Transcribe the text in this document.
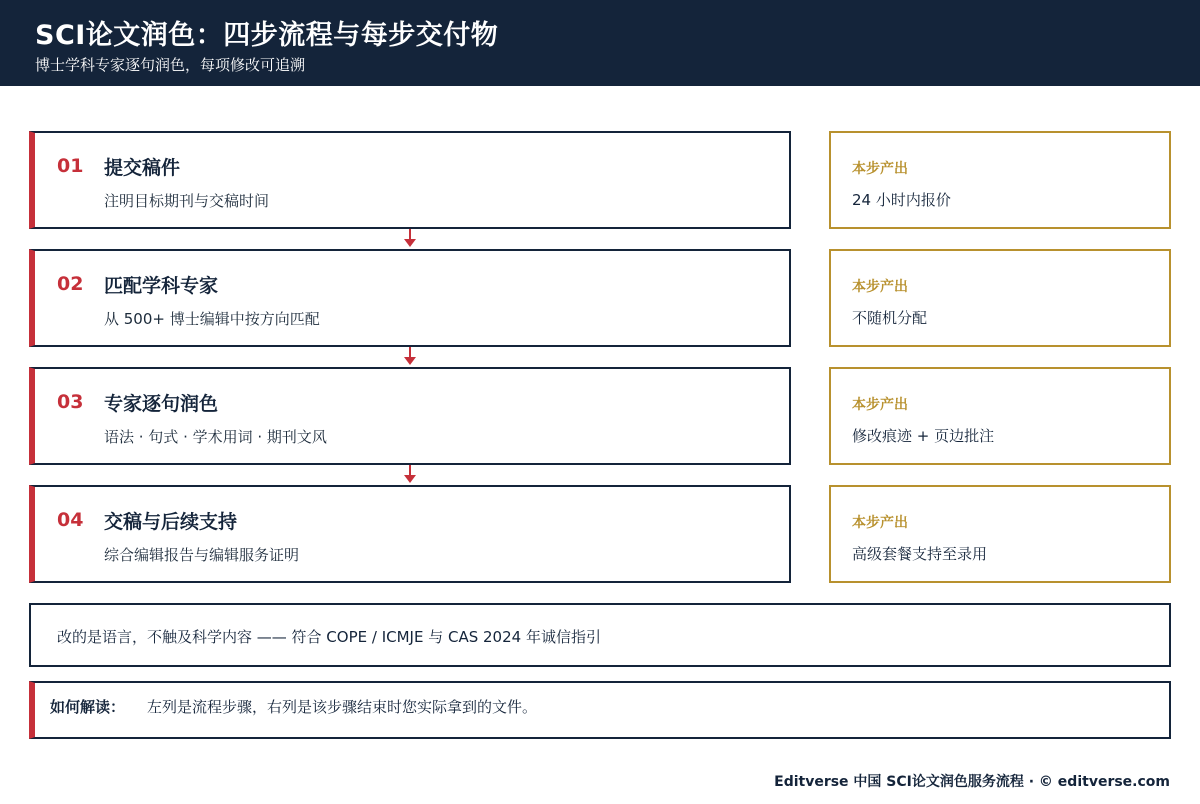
SCI论文润色：四步流程与每步交付物
博士学科专家逐句润色，每项修改可追溯
01 提交稿件
注明目标期刊与交稿时间
本步产出
24 小时内报价
02 匹配学科专家
从 500+ 博士编辑中按方向匹配
本步产出
不随机分配
03 专家逐句润色
语法 · 句式 · 学术用词 · 期刊文风
本步产出
修改痕迹 + 页边批注
04 交稿与后续支持
综合编辑报告与编辑服务证明
本步产出
高级套餐支持至录用
改的是语言，不触及科学内容 —— 符合 COPE / ICMJE 与 CAS 2024 年诚信指引
如何解读： 左列是流程步骤，右列是该步骤结束时您实际拿到的文件。
Editverse 中国 SCI论文润色服务流程 · © editverse.com
